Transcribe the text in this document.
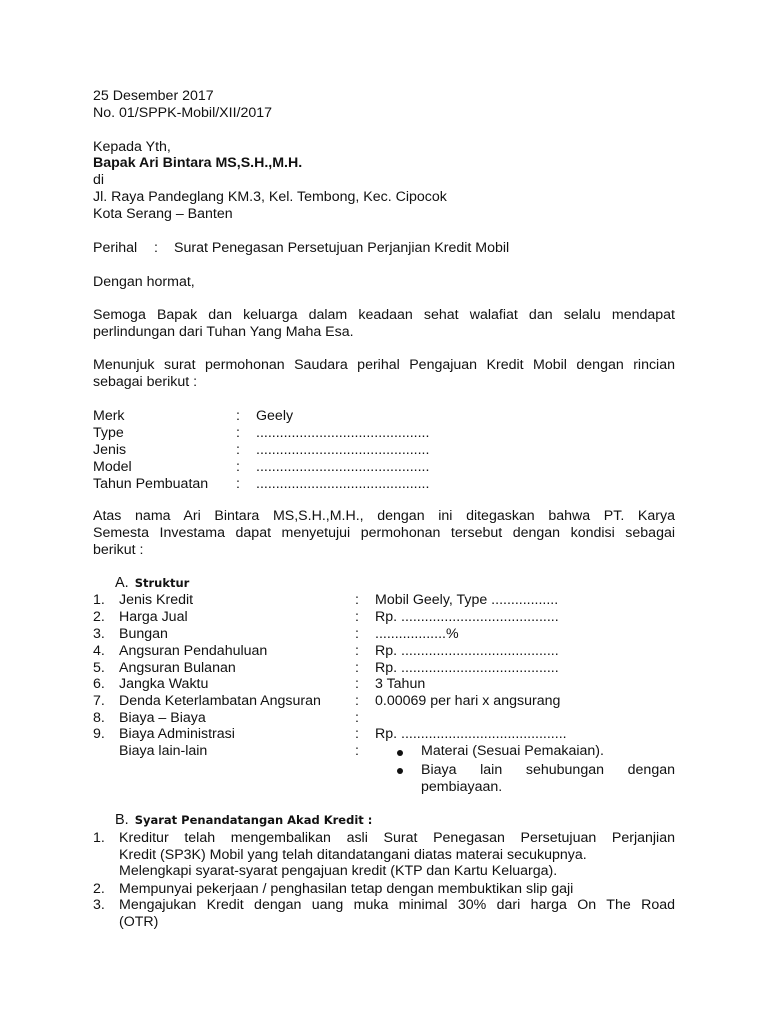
25 Desember 2017

No. 01/SPPK-Mobil/XII/2017

Kepada Yth,

Bapak Ari Bintara MS,S.H.,M.H.

di

Jl. Raya Pandeglang KM.3, Kel. Tembong, Kec. Cipocok

Kota Serang – Banten

Perihal : Surat Penegasan Persetujuan Perjanjian Kredit Mobil

Dengan hormat,

Semoga Bapak dan keluarga dalam keadaan sehat walafiat dan selalu mendapat

perlindungan dari Tuhan Yang Maha Esa.

Menunjuk surat permohonan Saudara perihal Pengajuan Kredit Mobil dengan rincian

sebagai berikut :

Merk	: Geely
Type	: ............................................
Jenis	: ............................................
Model	: ............................................
Tahun Pembuatan : ............................................

Atas nama Ari Bintara MS,S.H.,M.H., dengan ini ditegaskan bahwa PT. Karya

Semesta Investama dapat menyetujui permohonan tersebut dengan kondisi sebagai

berikut :

A. Struktur
1. Jenis Kredit	: Mobil Geely, Type .................
2. Harga Jual	: Rp. ........................................
3. Bungan	: ..................%
4. Angsuran Pendahuluan	: Rp. ........................................
5. Angsuran Bulanan	: Rp. ........................................
6. Jangka Waktu	: 3 Tahun
7. Denda Keterlambatan Angsuran : 0.00069 per hari x angsurang
8. Biaya – Biaya	:
9. Biaya Administrasi	: Rp. ..........................................
Biaya lain-lain	:	Materai (Sesuai Pemakaian).

Biaya lain sehubungan dengan

pembiayaan.

B. Syarat Penandatangan Akad Kredit :

1. Kreditur telah mengembalikan asli Surat Penegasan Persetujuan Perjanjian

Kredit (SP3K) Mobil yang telah ditandatangani diatas materai secukupnya.

Melengkapi syarat-syarat pengajuan kredit (KTP dan Kartu Keluarga).

2. Mempunyai pekerjaan / penghasilan tetap dengan membuktikan slip gaji

3. Mengajukan Kredit dengan uang muka minimal 30% dari harga On The Road

(OTR)
